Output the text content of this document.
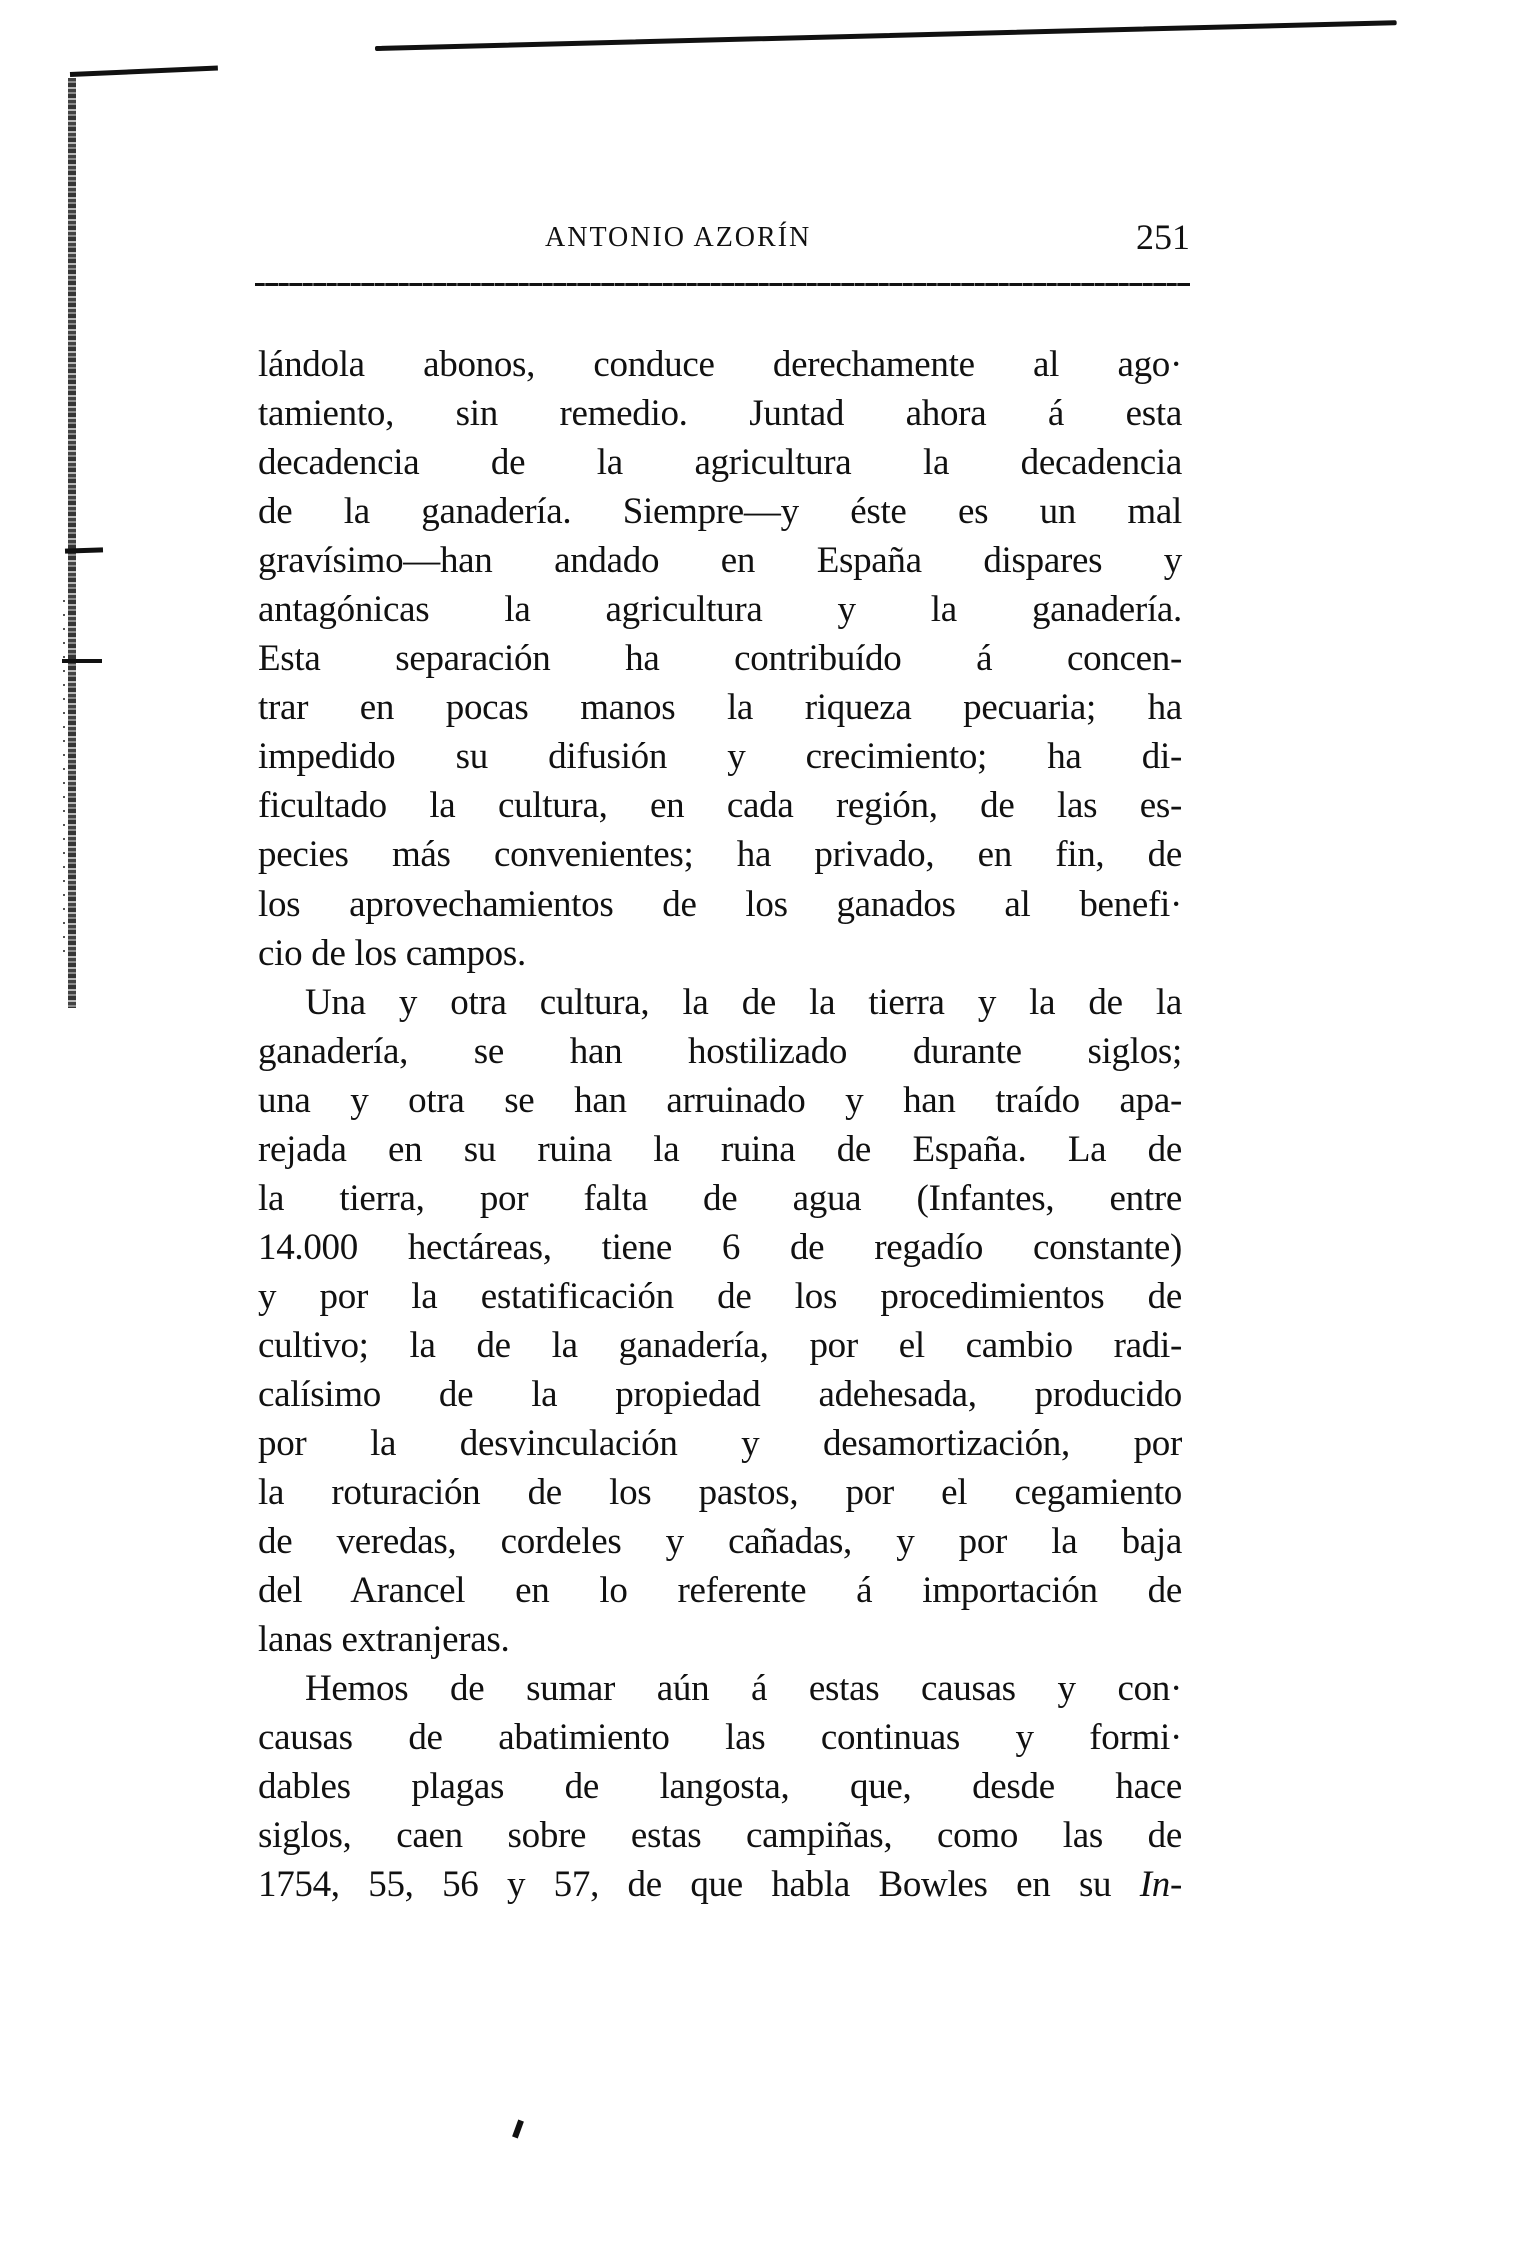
ANTONIO AZORÍN	251
lándola abonos, conduce derechamente al ago·
tamiento, sin remedio. Juntad ahora á esta
decadencia de la agricultura la decadencia
de la ganadería. Siempre—y éste es un mal
gravísimo—han andado en España dispares y
antagónicas la agricultura y la ganadería.
Esta separación ha contribuído á concen-
trar en pocas manos la riqueza pecuaria; ha
impedido su difusión y crecimiento; ha di-
ficultado la cultura, en cada región, de las es-
pecies más convenientes; ha privado, en fin, de
los aprovechamientos de los ganados al benefi·
cio de los campos.
Una y otra cultura, la de la tierra y la de la
ganadería, se han hostilizado durante siglos;
una y otra se han arruinado y han traído apa-
rejada en su ruina la ruina de España. La de
la tierra, por falta de agua (Infantes, entre
14.000 hectáreas, tiene 6 de regadío constante)
y por la estatificación de los procedimientos de
cultivo; la de la ganadería, por el cambio radi-
calísimo de la propiedad adehesada, producido
por la desvinculación y desamortización, por
la roturación de los pastos, por el cegamiento
de veredas, cordeles y cañadas, y por la baja
del Arancel en lo referente á importación de
lanas extranjeras.
Hemos de sumar aún á estas causas y con·
causas de abatimiento las continuas y formi·
dables plagas de langosta, que, desde hace
siglos, caen sobre estas campiñas, como las de
1754, 55, 56 y 57, de que habla Bowles en su In-
